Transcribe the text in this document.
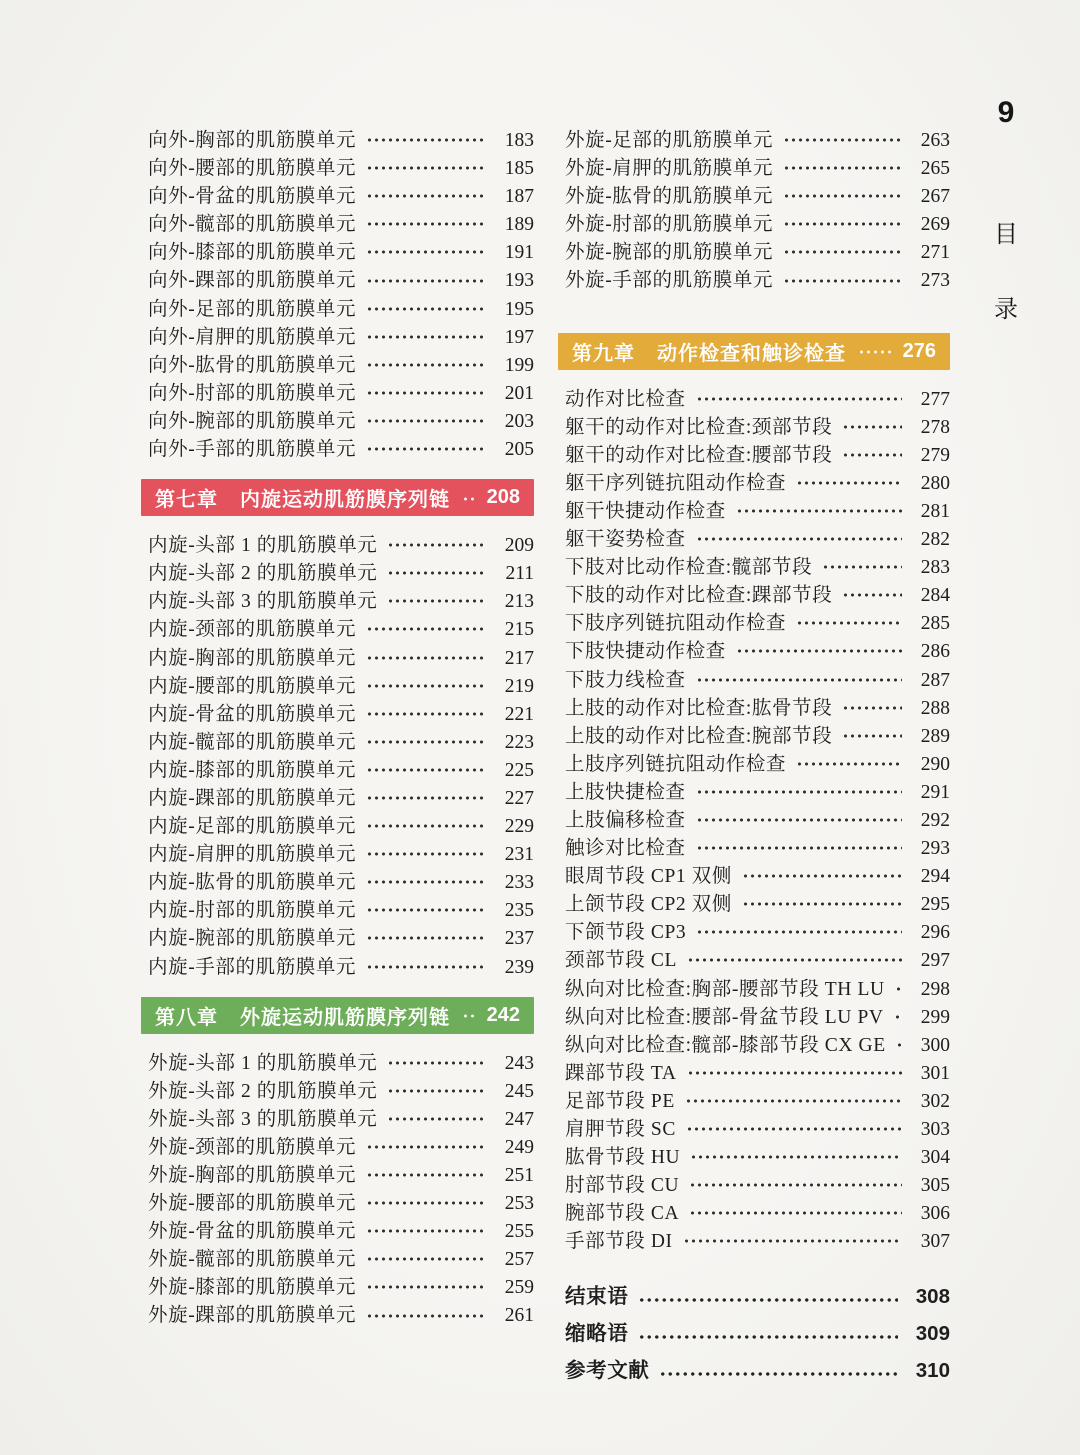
向外-胸部的肌筋膜单元	183
向外-腰部的肌筋膜单元	185
向外-骨盆的肌筋膜单元	187
向外-髋部的肌筋膜单元	189
向外-膝部的肌筋膜单元	191
向外-踝部的肌筋膜单元	193
向外-足部的肌筋膜单元	195
向外-肩胛的肌筋膜单元	197
向外-肱骨的肌筋膜单元	199
向外-肘部的肌筋膜单元	201
向外-腕部的肌筋膜单元	203
向外-手部的肌筋膜单元	205
第七章 内旋运动肌筋膜序列链 208
内旋-头部 1 的肌筋膜单元	209
内旋-头部 2 的肌筋膜单元	211
内旋-头部 3 的肌筋膜单元	213
内旋-颈部的肌筋膜单元	215
内旋-胸部的肌筋膜单元	217
内旋-腰部的肌筋膜单元	219
内旋-骨盆的肌筋膜单元	221
内旋-髋部的肌筋膜单元	223
内旋-膝部的肌筋膜单元	225
内旋-踝部的肌筋膜单元	227
内旋-足部的肌筋膜单元	229
内旋-肩胛的肌筋膜单元	231
内旋-肱骨的肌筋膜单元	233
内旋-肘部的肌筋膜单元	235
内旋-腕部的肌筋膜单元	237
内旋-手部的肌筋膜单元	239
第八章 外旋运动肌筋膜序列链 242
外旋-头部 1 的肌筋膜单元	243
外旋-头部 2 的肌筋膜单元	245
外旋-头部 3 的肌筋膜单元	247
外旋-颈部的肌筋膜单元	249
外旋-胸部的肌筋膜单元	251
外旋-腰部的肌筋膜单元	253
外旋-骨盆的肌筋膜单元	255
外旋-髋部的肌筋膜单元	257
外旋-膝部的肌筋膜单元	259
外旋-踝部的肌筋膜单元	261
外旋-足部的肌筋膜单元	263
外旋-肩胛的肌筋膜单元	265
外旋-肱骨的肌筋膜单元	267
外旋-肘部的肌筋膜单元	269
外旋-腕部的肌筋膜单元	271
外旋-手部的肌筋膜单元	273
第九章 动作检查和触诊检查	276
动作对比检查	277
躯干的动作对比检查:颈部节段	278
躯干的动作对比检查:腰部节段	279
躯干序列链抗阻动作检查	280
躯干快捷动作检查	281
躯干姿势检查	282
下肢对比动作检查:髋部节段	283
下肢的动作对比检查:踝部节段	284
下肢序列链抗阻动作检查	285
下肢快捷动作检查	286
下肢力线检查	287
上肢的动作对比检查:肱骨节段	288
上肢的动作对比检查:腕部节段	289
上肢序列链抗阻动作检查	290
上肢快捷检查	291
上肢偏移检查	292
触诊对比检查	293
眼周节段 CP1 双侧	294
上颌节段 CP2 双侧	295
下颌节段 CP3	296
颈部节段 CL	297
纵向对比检查:胸部-腰部节段 TH LU	298
纵向对比检查:腰部-骨盆节段 LU PV	299
纵向对比检查:髋部-膝部节段 CX GE	300
踝部节段 TA	301
足部节段 PE	302
肩胛节段 SC	303
肱骨节段 HU	304
肘部节段 CU	305
腕部节段 CA	306
手部节段 DI	307
结束语	308
缩略语	309
参考文献	310
9
目
录
